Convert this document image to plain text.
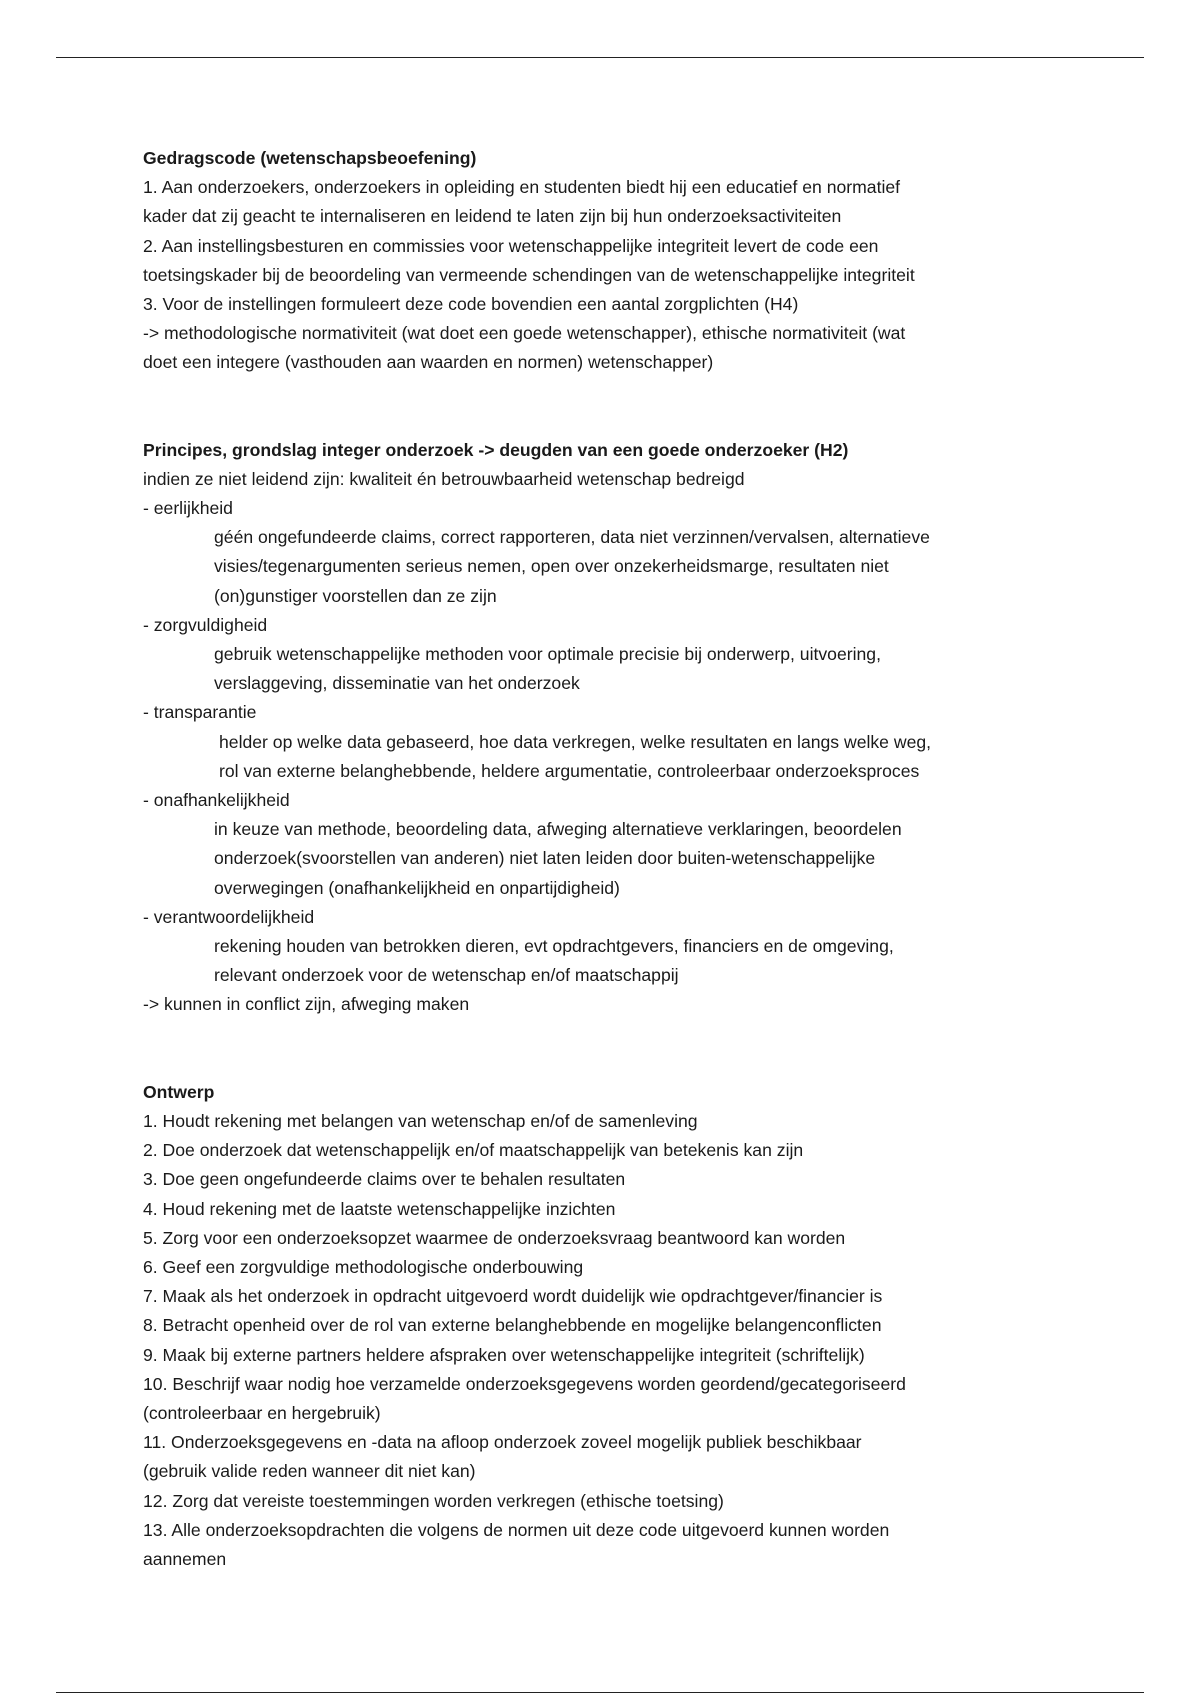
Gedragscode (wetenschapsbeoefening)
1. Aan onderzoekers, onderzoekers in opleiding en studenten biedt hij een educatief en normatief
kader dat zij geacht te internaliseren en leidend te laten zijn bij hun onderzoeksactiviteiten
2. Aan instellingsbesturen en commissies voor wetenschappelijke integriteit levert de code een
toetsingskader bij de beoordeling van vermeende schendingen van de wetenschappelijke integriteit
3. Voor de instellingen formuleert deze code bovendien een aantal zorgplichten (H4)
-> methodologische normativiteit (wat doet een goede wetenschapper), ethische normativiteit (wat
doet een integere (vasthouden aan waarden en normen) wetenschapper)
Principes, grondslag integer onderzoek -> deugden van een goede onderzoeker (H2)
indien ze niet leidend zijn: kwaliteit én betrouwbaarheid wetenschap bedreigd
- eerlijkheid
géén ongefundeerde claims, correct rapporteren, data niet verzinnen/vervalsen, alternatieve
visies/tegenargumenten serieus nemen, open over onzekerheidsmarge, resultaten niet
(on)gunstiger voorstellen dan ze zijn
- zorgvuldigheid
gebruik wetenschappelijke methoden voor optimale precisie bij onderwerp, uitvoering,
verslaggeving, disseminatie van het onderzoek
- transparantie
helder op welke data gebaseerd, hoe data verkregen, welke resultaten en langs welke weg,
rol van externe belanghebbende, heldere argumentatie, controleerbaar onderzoeksproces
- onafhankelijkheid
in keuze van methode, beoordeling data, afweging alternatieve verklaringen, beoordelen
onderzoek(svoorstellen van anderen) niet laten leiden door buiten-wetenschappelijke
overwegingen (onafhankelijkheid en onpartijdigheid)
- verantwoordelijkheid
rekening houden van betrokken dieren, evt opdrachtgevers, financiers en de omgeving,
relevant onderzoek voor de wetenschap en/of maatschappij
-> kunnen in conflict zijn, afweging maken
Ontwerp
1. Houdt rekening met belangen van wetenschap en/of de samenleving
2. Doe onderzoek dat wetenschappelijk en/of maatschappelijk van betekenis kan zijn
3. Doe geen ongefundeerde claims over te behalen resultaten
4. Houd rekening met de laatste wetenschappelijke inzichten
5. Zorg voor een onderzoeksopzet waarmee de onderzoeksvraag beantwoord kan worden
6. Geef een zorgvuldige methodologische onderbouwing
7. Maak als het onderzoek in opdracht uitgevoerd wordt duidelijk wie opdrachtgever/financier is
8. Betracht openheid over de rol van externe belanghebbende en mogelijke belangenconflicten
9. Maak bij externe partners heldere afspraken over wetenschappelijke integriteit (schriftelijk)
10. Beschrijf waar nodig hoe verzamelde onderzoeksgegevens worden geordend/gecategoriseerd
(controleerbaar en hergebruik)
11. Onderzoeksgegevens en -data na afloop onderzoek zoveel mogelijk publiek beschikbaar
(gebruik valide reden wanneer dit niet kan)
12. Zorg dat vereiste toestemmingen worden verkregen (ethische toetsing)
13. Alle onderzoeksopdrachten die volgens de normen uit deze code uitgevoerd kunnen worden
aannemen
